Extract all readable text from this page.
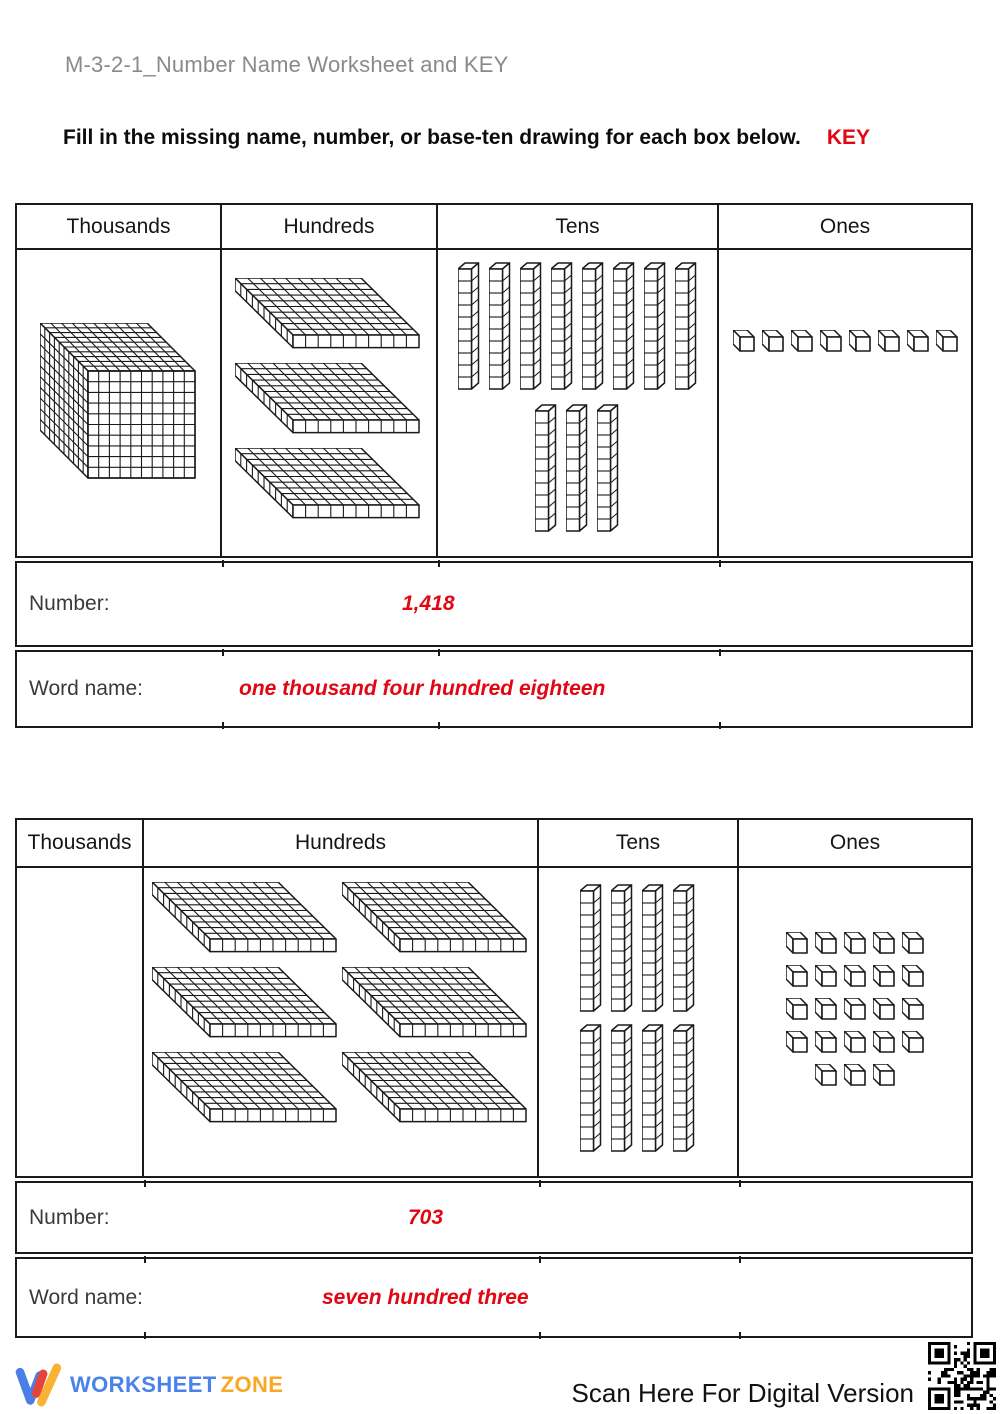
M-3-2-1_Number Name Worksheet and KEY
Fill in the missing name, number, or base-ten drawing for each box below. KEY
Thousands	Hundreds	Tens	Ones
Number:	1,418
Word name:	one thousand four hundred eighteen
Thousands	Hundreds	Tens	Ones
Number:	703
Word name:	seven hundred three
WORKSHEET ZONE	Scan Here For Digital Version
